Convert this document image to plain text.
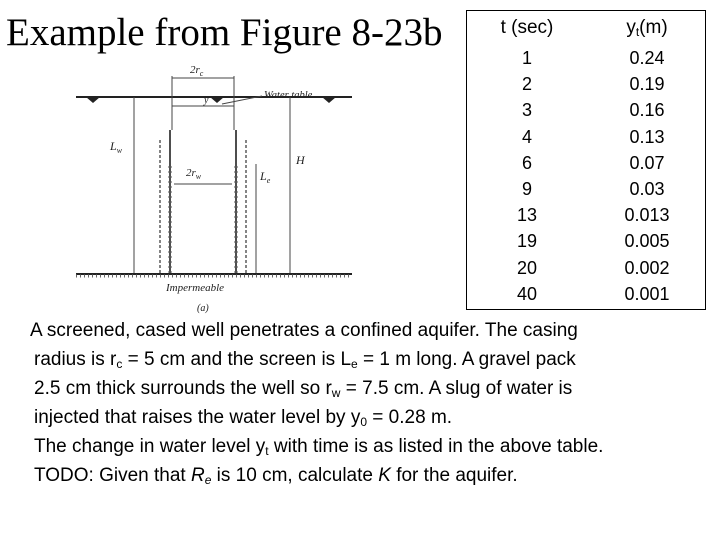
Example from Figure 8-23b
$2r_c$
y	Water table
$2r_w$
$L_w$
H
$L_e$
Impermeable
(a)
t (sec)
1
2
3
4
6
9
13
19
20
40
$y_t(m)$
0.24
0.19
0.16
0.13
0.07
0.03
0.013
0.005
0.002
0.001
A screened, cased well penetrates a confined aquifer. The casing
radius is $r_c = 5$ cm and the screen is $L_e = 1$ m long. A gravel pack
2.5 cm thick surrounds the well so $r_w = 7.5$ cm. A slug of water is
injected that raises the water level by $y_0 = 0.28$ m.
The change in water level $y_t$ with time is as listed in the above table.
TODO: Given that $R_e$ is 10 cm, calculate K for the aquifer.
